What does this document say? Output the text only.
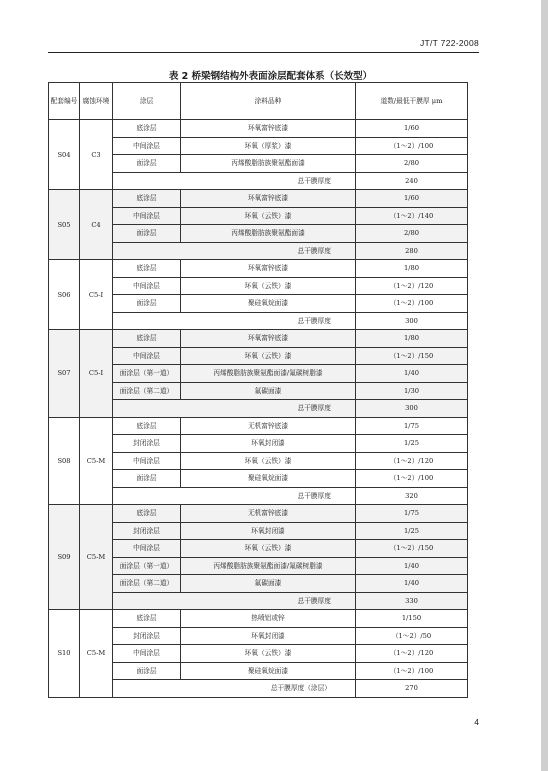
JT/T 722-2008
表 2 桥梁钢结构外表面涂层配套体系（长效型）
配套编号	腐蚀环境	涂层	涂料品种	道数/最低干膜厚 μm
S04	C3	底涂层	环氧富锌底漆	1/60
		中间涂层	环氧（厚浆）漆	（1～2）/100
		面涂层	丙烯酸脂肪族聚氨酯面漆	2/80
		总干膜厚度		240
S05	C4	底涂层	环氧富锌底漆	1/60
		中间涂层	环氧（云铁）漆	（1～2）/140
		面涂层	丙烯酸脂肪族聚氨酯面漆	2/80
		总干膜厚度		280
S06	C5-I	底涂层	环氧富锌底漆	1/80
		中间涂层	环氧（云铁）漆	（1～2）/120
		面涂层	聚硅氧烷面漆	（1～2）/100
		总干膜厚度		300
S07	C5-I	底涂层	环氧富锌底漆	1/80
		中间涂层	环氧（云铁）漆	（1～2）/150
		面涂层（第一道）	丙烯酸脂肪族聚氨酯面漆/氟碳树脂漆	1/40
		面涂层（第二道）	氟碳面漆	1/30
		总干膜厚度		300
S08	C5-M	底涂层	无机富锌底漆	1/75
		封闭涂层	环氧封闭漆	1/25
		中间涂层	环氧（云铁）漆	（1～2）/120
		面涂层	聚硅氧烷面漆	（1～2）/100
		总干膜厚度		320
S09	C5-M	底涂层	无机富锌底漆	1/75
		封闭涂层	环氧封闭漆	1/25
		中间涂层	环氧（云铁）漆	（1～2）/150
		面涂层（第一道）	丙烯酸脂肪族聚氨酯面漆/氟碳树脂漆	1/40
		面涂层（第二道）	氟碳面漆	1/40
		总干膜厚度		330
S10	C5-M	底涂层	热喷铝或锌	1/150
		封闭涂层	环氧封闭漆	（1～2）/50
		中间涂层	环氧（云铁）漆	（1～2）/120
		面涂层	聚硅氧烷面漆	（1～2）/100
		总干膜厚度（涂层）		270
4
